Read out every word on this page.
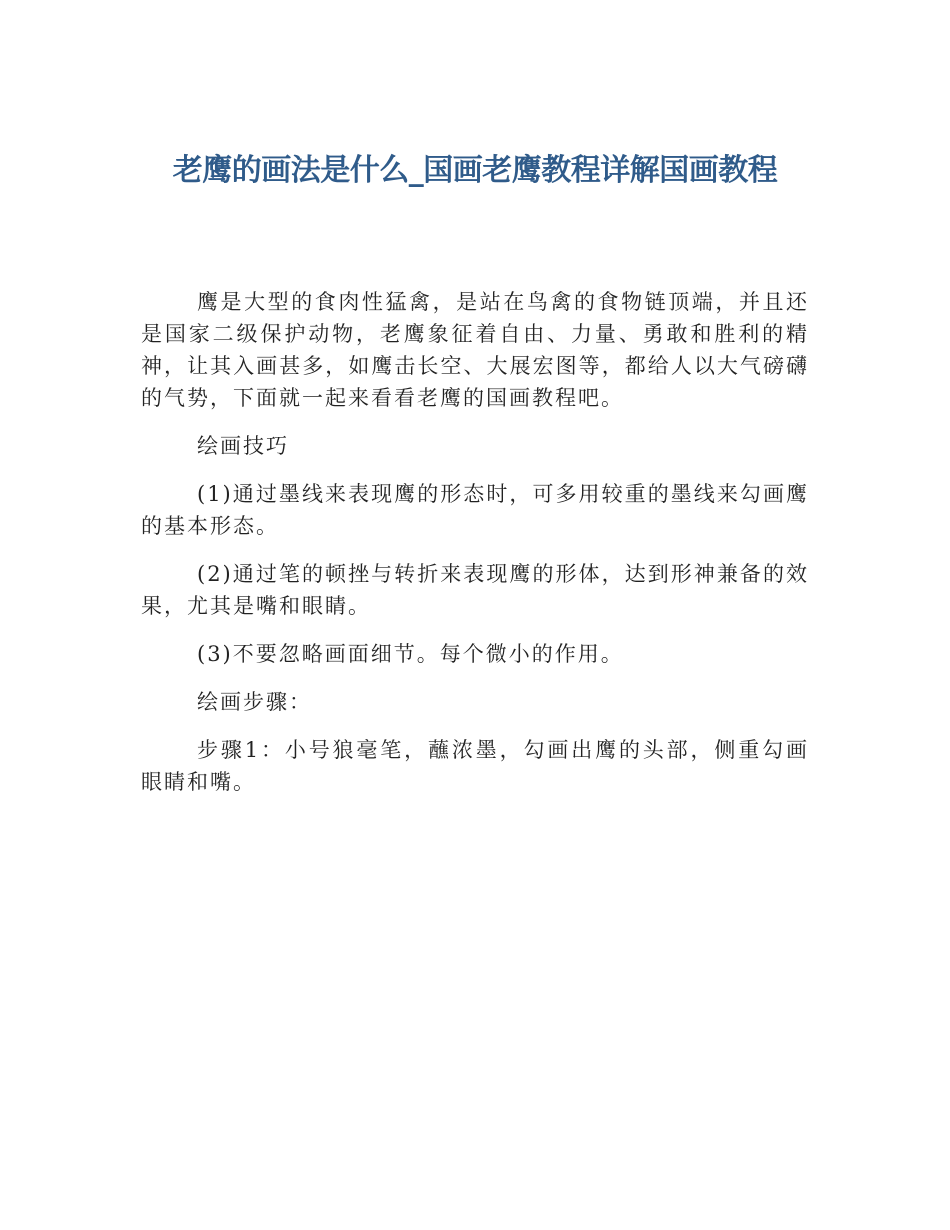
老鹰的画法是什么_国画老鹰教程详解国画教程

鹰是大型的食肉性猛禽，是站在鸟禽的食物链顶端，并且还是国家二级保护动物，老鹰象征着自由、力量、勇敢和胜利的精神，让其入画甚多，如鹰击长空、大展宏图等，都给人以大气磅礴的气势，下面就一起来看看老鹰的国画教程吧。

绘画技巧

(1)通过墨线来表现鹰的形态时，可多用较重的墨线来勾画鹰的基本形态。

(2)通过笔的顿挫与转折来表现鹰的形体，达到形神兼备的效果，尤其是嘴和眼睛。

(3)不要忽略画面细节。每个微小的作用。

绘画步骤：

步骤1：小号狼毫笔，蘸浓墨，勾画出鹰的头部，侧重勾画眼睛和嘴。
